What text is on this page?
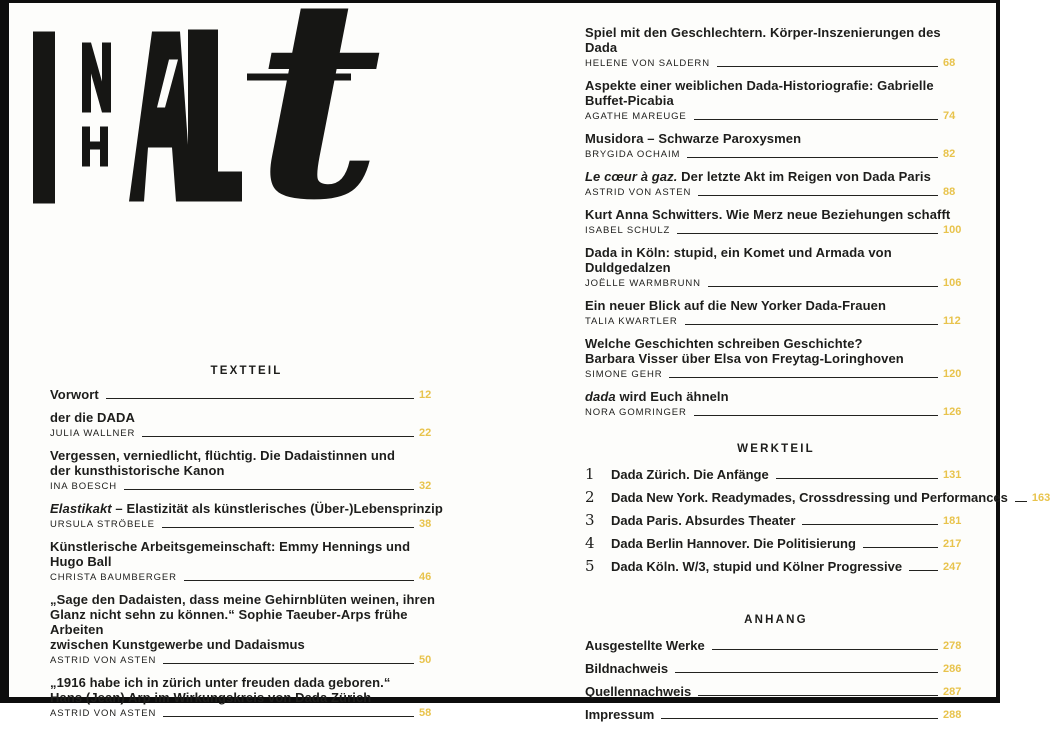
t
TEXTTEIL
Vorwort	12
der die DADA
JULIA WALLNER	22
Vergessen, verniedlicht, flüchtig. Die Dadaistinnen und
der kunsthistorische Kanon
INA BOESCH	32
Elastikakt – Elastizität als künstlerisches (Über-)Lebensprinzip
URSULA STRÖBELE	38
Künstlerische Arbeitsgemeinschaft: Emmy Hennings und Hugo Ball
CHRISTA BAUMBERGER	46
„Sage den Dadaisten, dass meine Gehirnblüten weinen, ihren
Glanz nicht sehn zu können.“ Sophie Taeuber-Arps frühe Arbeiten
zwischen Kunstgewerbe und Dadaismus
ASTRID VON ASTEN	50
„1916 habe ich in zürich unter freuden dada geboren.“
Hans (Jean) Arp im Wirkungskreis von Dada Zürich
ASTRID VON ASTEN	58
Spiel mit den Geschlechtern. Körper-Inszenierungen des Dada
HELENE VON SALDERN	68
Aspekte einer weiblichen Dada-Historiografie: Gabrielle Buffet-Picabia
AGATHE MAREUGE	74
Musidora – Schwarze Paroxysmen
BRYGIDA OCHAIM	82
Le cœur à gaz. Der letzte Akt im Reigen von Dada Paris
ASTRID VON ASTEN	88
Kurt Anna Schwitters. Wie Merz neue Beziehungen schafft
ISABEL SCHULZ	100
Dada in Köln: stupid, ein Komet und Armada von Duldgedalzen
JOËLLE WARMBRUNN	106
Ein neuer Blick auf die New Yorker Dada-Frauen
TALIA KWARTLER	112
Welche Geschichten schreiben Geschichte?
Barbara Visser über Elsa von Freytag-Loringhoven
SIMONE GEHR	120
dada wird Euch ähneln
NORA GOMRINGER	126
WERKTEIL
1	Dada Zürich. Die Anfänge	131
2	Dada New York. Readymades, Crossdressing und Performances 163
3	Dada Paris. Absurdes Theater	181
4	Dada Berlin Hannover. Die Politisierung	217
5	Dada Köln. W/3, stupid und Kölner Progressive	247
ANHANG
Ausgestellte Werke	278
Bildnachweis	286
Quellennachweis	287
Impressum	288
